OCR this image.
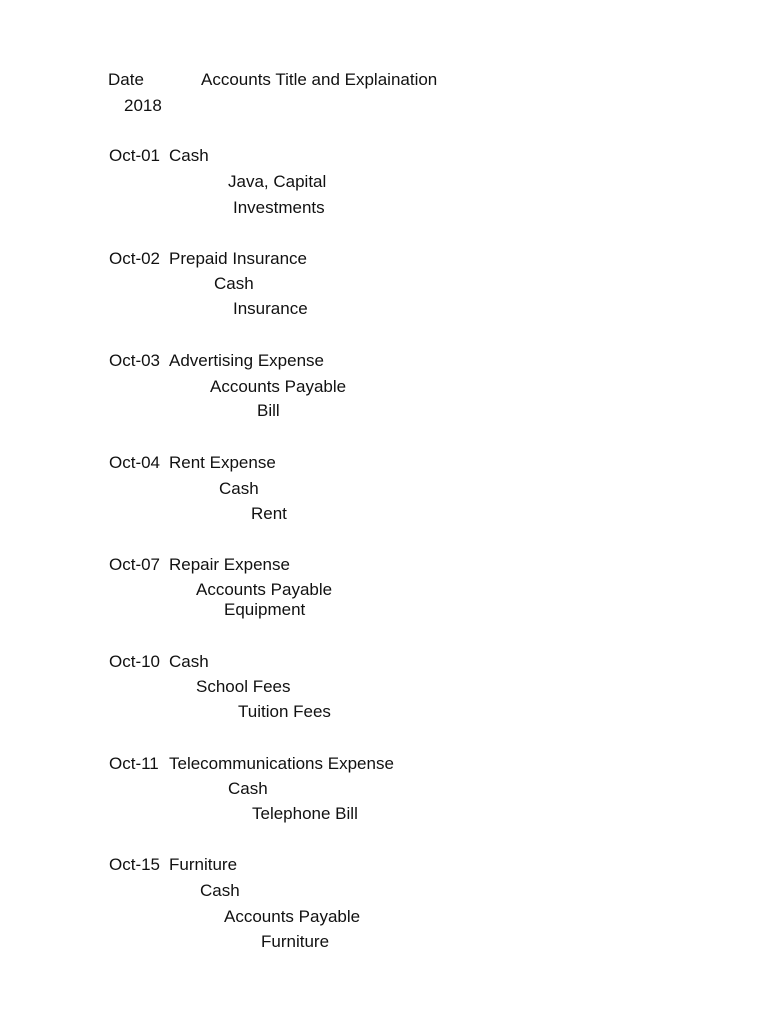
Date	Accounts Title and Explaination
2018
Oct-01 Cash
Java, Capital
Investments
Oct-02 Prepaid Insurance
Cash
Insurance
Oct-03 Advertising Expense
Accounts Payable
Bill
Oct-04 Rent Expense
Cash
Rent
Oct-07 Repair Expense
Accounts Payable
Equipment
Oct-10 Cash
School Fees
Tuition Fees
Oct-11 Telecommunications Expense
Cash
Telephone Bill
Oct-15 Furniture
Cash
Accounts Payable
Furniture
